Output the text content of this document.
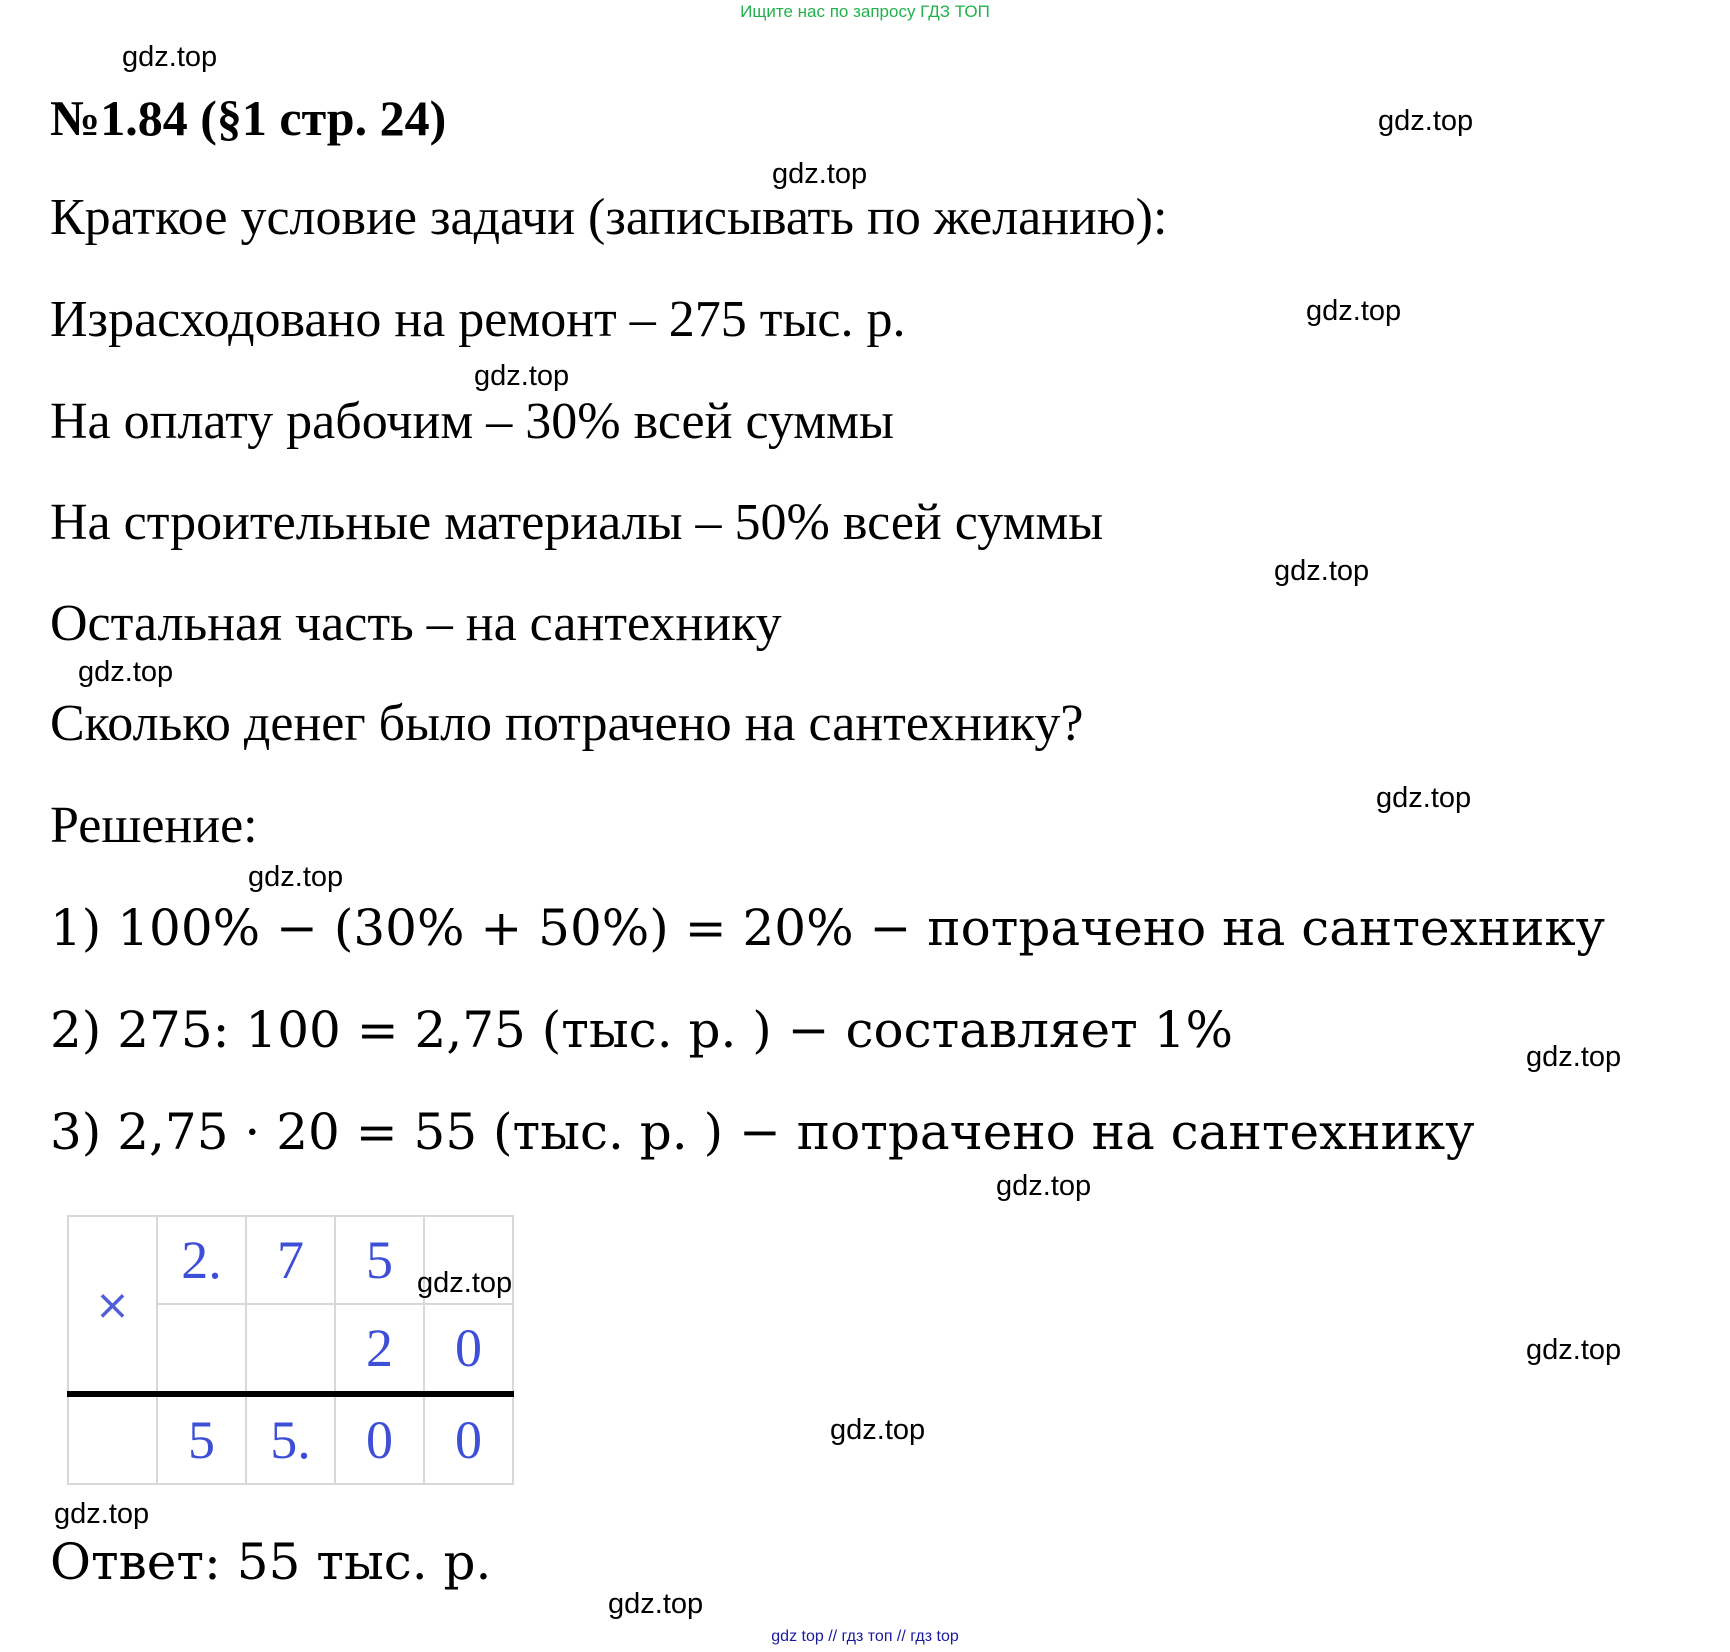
Ищите нас по запросу ГДЗ ТОП
№1.84 (§1 стр. 24)
Краткое условие задачи (записывать по желанию):
Израсходовано на ремонт – 275 тыс. р.
На оплату рабочим – 30% всей суммы
На строительные материалы – 50% всей суммы
Остальная часть – на сантехнику
Сколько денег было потрачено на сантехнику?
Решение:
1) 100% − (30% + 50%) = 20% − потрачено на сантехнику
2) 275: 100 = 2,75 (тыс. р. ) − составляет 1%
3) 2,75 · 20 = 55 (тыс. р. ) − потрачено на сантехнику
×	2.	7	5	
			2	0
	5	5.	0	0
Ответ: 55 тыс. р.
gdz.top
gdz.top
gdz.top
gdz.top
gdz.top
gdz.top
gdz.top
gdz.top
gdz.top
gdz.top
gdz.top
gdz.top
gdz.top
gdz.top
gdz.top
gdz.top
gdz top // гдз топ // гдз top
